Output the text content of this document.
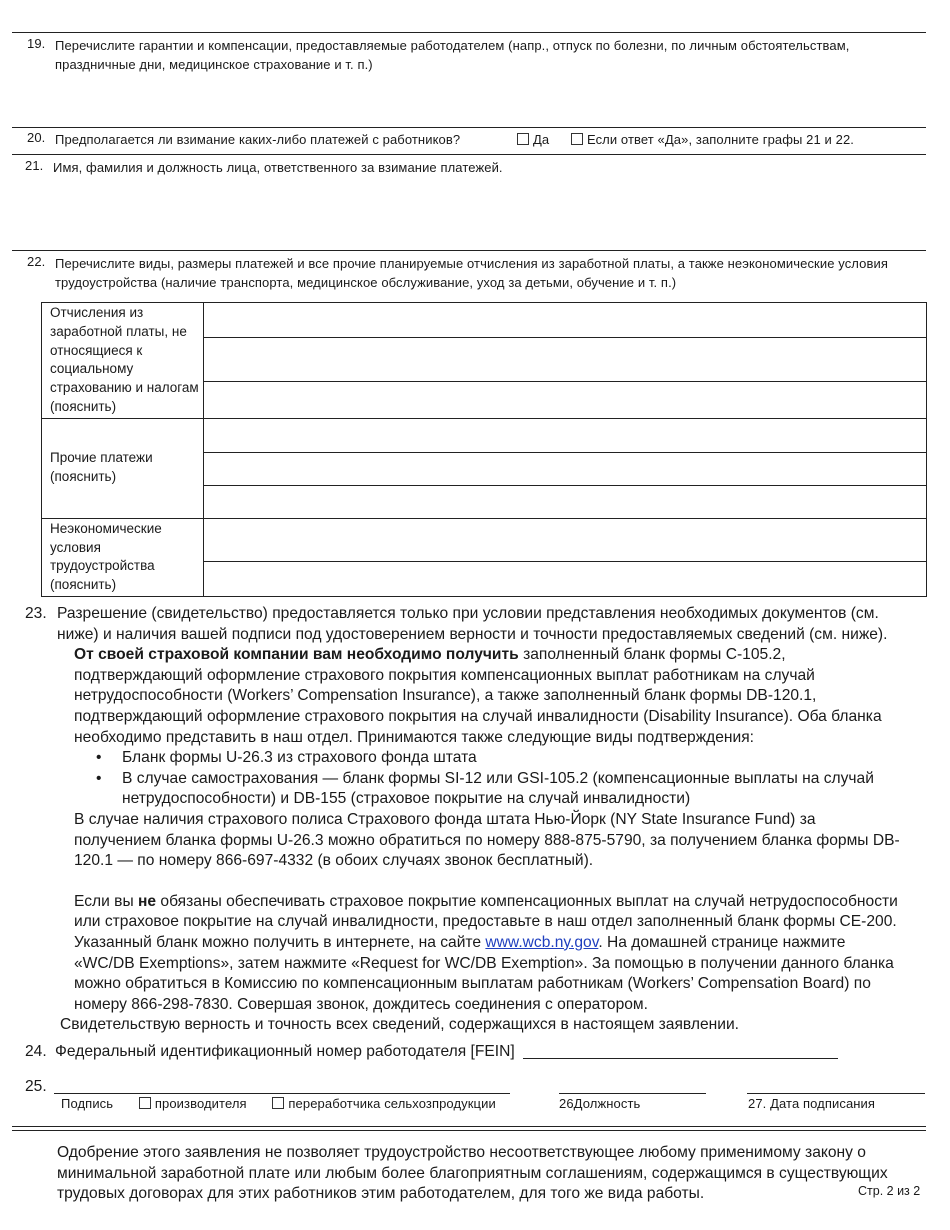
19. Перечислите гарантии и компенсации, предоставляемые работодателем (напр., отпуск по болезни, по личным обстоятельствам, праздничные дни, медицинское страхование и т. п.)
20. Предполагается ли взимание каких-либо платежей с работников?	Да	Если ответ «Да», заполните графы 21 и 22.
21. Имя, фамилия и должность лица, ответственного за взимание платежей.
22. Перечислите виды, размеры платежей и все прочие планируемые отчисления из заработной платы, а также неэкономические условия трудоустройства (наличие транспорта, медицинское обслуживание, уход за детьми, обучение и т. п.)
Отчисления из заработной платы, не относящиеся к социальному страхованию и налогам (пояснить)	

Прочие платежи (пояснить)	

Неэкономические условия трудоустройства (пояснить)	

23. Разрешение (свидетельство) предоставляется только при условии представления необходимых документов (см. ниже) и наличия вашей подписи под удостоверением верности и точности предоставляемых сведений (см. ниже).
От своей страховой компании вам необходимо получить заполненный бланк формы C-105.2, подтверждающий оформление страхового покрытия компенсационных выплат работникам на случай нетрудоспособности (Workers’ Compensation Insurance), а также заполненный бланк формы DB-120.1, подтверждающий оформление страхового покрытия на случай инвалидности (Disability Insurance). Оба бланка необходимо представить в наш отдел. Принимаются также следующие виды подтверждения:
• Бланк формы U-26.3 из страхового фонда штата
• В случае самострахования — бланк формы SI-12 или GSI-105.2 (компенсационные выплаты на случай нетрудоспособности) и DB-155 (страховое покрытие на случай инвалидности)
В случае наличия страхового полиса Страхового фонда штата Нью-Йорк (NY State Insurance Fund) за получением бланка формы U-26.3 можно обратиться по номеру 888-875-5790, за получением бланка формы DB-120.1 — по номеру 866-697-4332 (в обоих случаях звонок бесплатный).
Если вы не обязаны обеспечивать страховое покрытие компенсационных выплат на случай нетрудоспособности или страховое покрытие на случай инвалидности, предоставьте в наш отдел заполненный бланк формы CE-200. Указанный бланк можно получить в интернете, на сайте www.wcb.ny.gov. На домашней странице нажмите «WC/DB Exemptions», затем нажмите «Request for WC/DB Exemption». За помощью в получении данного бланка можно обратиться в Комиссию по компенсационным выплатам работникам (Workers’ Compensation Board) по номеру 866-298-7830. Совершая звонок, дождитесь соединения с оператором.
Свидетельствую верность и точность всех сведений, содержащихся в настоящем заявлении.
24. Федеральный идентификационный номер работодателя [FEIN]
25.
Подпись	производителя	переработчика сельхозпродукции	26Должность	27. Дата подписания
Одобрение этого заявления не позволяет трудоустройство несоответствующее любому применимому закону о минимальной заработной плате или любым более благоприятным соглашениям, содержащимся в существующих трудовых договорах для этих работников этим работодателем, для того же вида работы.	Стр. 2 из 2
